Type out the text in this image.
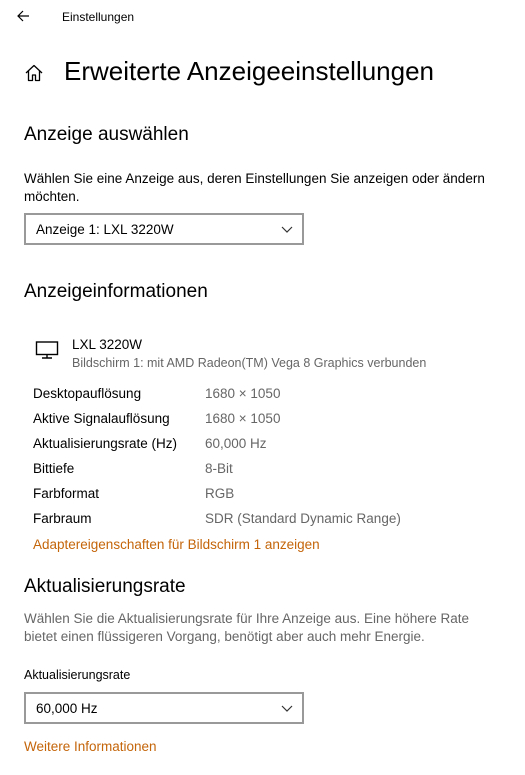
Einstellungen
Erweiterte Anzeigeeinstellungen
Anzeige auswählen

Wählen Sie eine Anzeige aus, deren Einstellungen Sie anzeigen oder ändern möchten.

Anzeige 1: LXL 3220W
Anzeigeinformationen
LXL 3220W
Bildschirm 1: mit AMD Radeon(TM) Vega 8 Graphics verbunden
Desktopauflösung	1680 × 1050
Aktive Signalauflösung	1680 × 1050
Aktualisierungsrate (Hz) 60,000 Hz
Bittiefe	8-Bit
Farbformat	RGB
Farbraum	SDR (Standard Dynamic Range)
Adaptereigenschaften für Bildschirm 1 anzeigen
Aktualisierungsrate

Wählen Sie die Aktualisierungsrate für Ihre Anzeige aus. Eine höhere Rate bietet einen flüssigeren Vorgang, benötigt aber auch mehr Energie.

Aktualisierungsrate
60,000 Hz
Weitere Informationen
